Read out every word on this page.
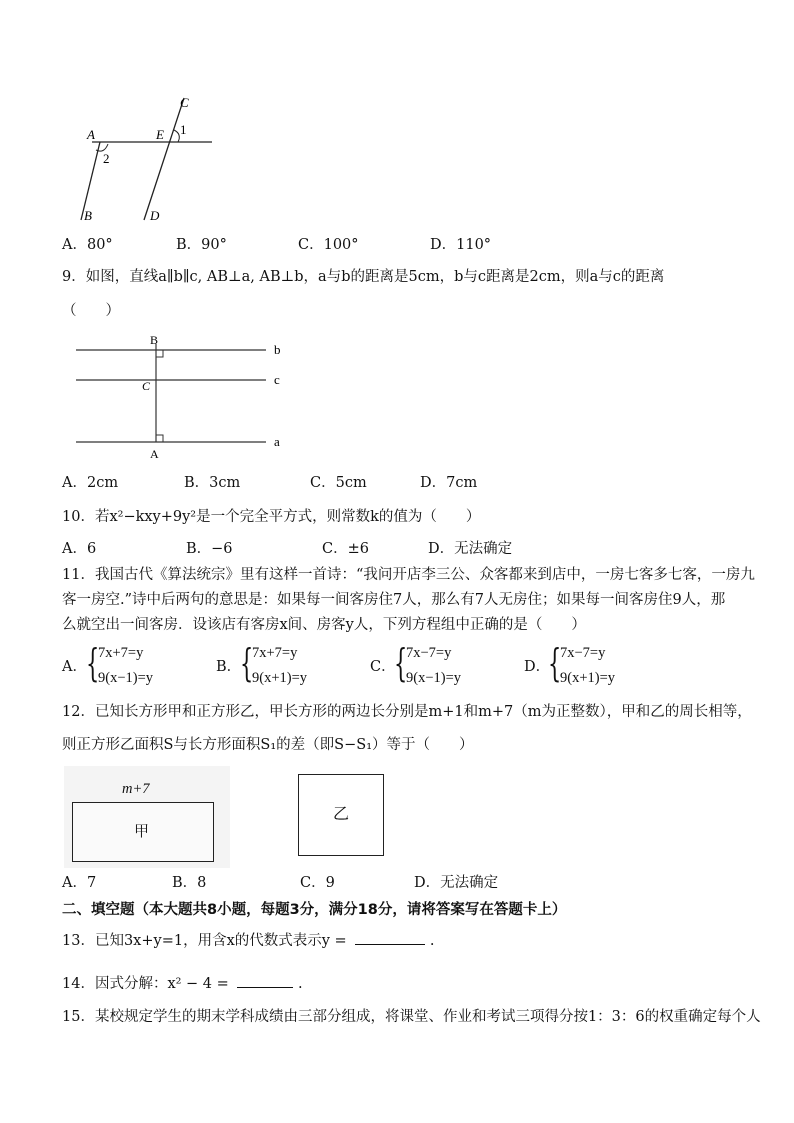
A	E
C
1
2
B	D
A．80°	B．90°	C．100°	D．110°
9．如图，直线a∥b∥c, AB⊥a, AB⊥b，a与b的距离是5cm，b与c距离是2cm，则a与c的距离
（　　）
B
b
C	c
A
a
A．2cm	B．3cm	C．5cm	D．7cm
10．若x²−kxy+9y²是一个完全平方式，则常数k的值为（　　）
A．6	B．−6	C．±6	D．无法确定
11．我国古代《算法统宗》里有这样一首诗：“我问开店李三公、众客都来到店中，一房七客多七客，一房九
客一房空.”诗中后两句的意思是：如果每一间客房住7人，那么有7人无房住；如果每一间客房住9人，那
么就空出一间客房．设该店有客房x间、房客y人，下列方程组中正确的是（　　）
A． {
7x+7=y
9(x−1)=y
B．
{
7x+7=y
9(x+1)=y
C．
{
7x−7=y
9(x−1)=y
D．
{
7x−7=y
9(x+1)=y
12．已知长方形甲和正方形乙，甲长方形的两边长分别是m+1和m+7（m为正整数），甲和乙的周长相等，
则正方形乙面积S与长方形面积S₁的差（即S−S₁）等于（　　）
m+7
甲
乙
A．7	B．8	C．9	D．无法确定
二、填空题（本大题共8小题，每题3分，满分18分，请将答案写在答题卡上）
13．已知3x+y=1，用含x的代数式表示y =	.
14．因式分解：x² − 4 =	.
15．某校规定学生的期末学科成绩由三部分组成，将课堂、作业和考试三项得分按1：3：6的权重确定每个人
